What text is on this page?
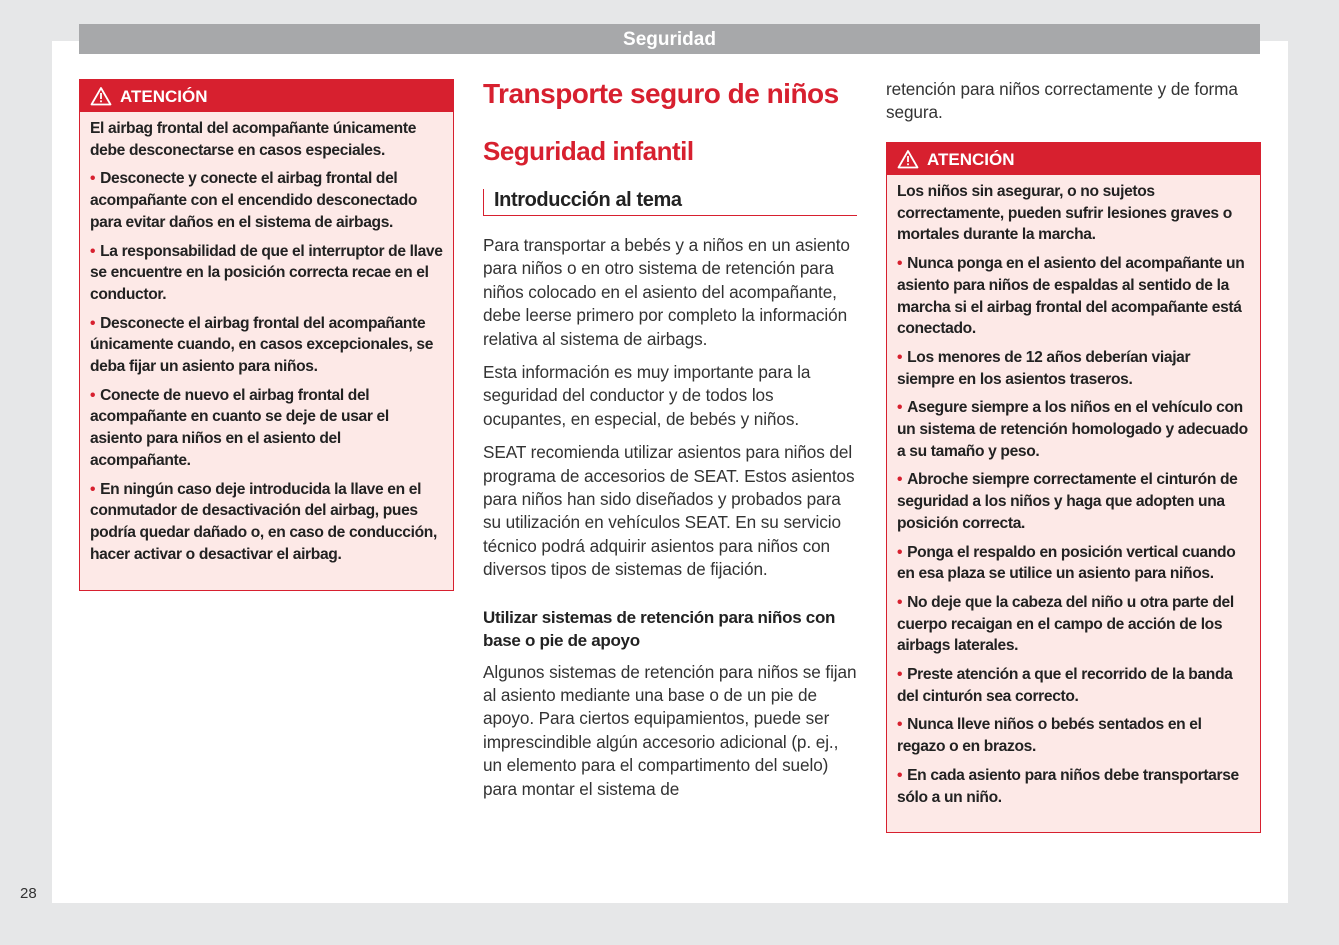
Seguridad
ATENCIÓN

El airbag frontal del acompañante únicamente debe desconectarse en casos especiales.

• Desconecte y conecte el airbag frontal del acompañante con el encendido desconectado para evitar daños en el sistema de airbags.

• La responsabilidad de que el interruptor de llave se encuentre en la posición correcta recae en el conductor.

• Desconecte el airbag frontal del acompañante únicamente cuando, en casos excepcionales, se deba fijar un asiento para niños.

• Conecte de nuevo el airbag frontal del acompañante en cuanto se deje de usar el asiento para niños en el asiento del acompañante.

• En ningún caso deje introducida la llave en el conmutador de desactivación del airbag, pues podría quedar dañado o, en caso de conducción, hacer activar o desactivar el airbag.

Transporte seguro de niños
Seguridad infantil
Introducción al tema

Para transportar a bebés y a niños en un asiento para niños o en otro sistema de retención para niños colocado en el asiento del acompañante, debe leerse primero por completo la información relativa al sistema de airbags.

Esta información es muy importante para la seguridad del conductor y de todos los ocupantes, en especial, de bebés y niños.

SEAT recomienda utilizar asientos para niños del programa de accesorios de SEAT. Estos asientos para niños han sido diseñados y probados para su utilización en vehículos SEAT. En su servicio técnico podrá adquirir asientos para niños con diversos tipos de sistemas de fijación.

Utilizar sistemas de retención para niños con base o pie de apoyo

Algunos sistemas de retención para niños se fijan al asiento mediante una base o de un pie de apoyo. Para ciertos equipamientos, puede ser imprescindible algún accesorio adicional (p. ej., un elemento para el compartimento del suelo) para montar el sistema de

retención para niños correctamente y de forma segura.
ATENCIÓN

Los niños sin asegurar, o no sujetos correctamente, pueden sufrir lesiones graves o mortales durante la marcha.

• Nunca ponga en el asiento del acompañante un asiento para niños de espaldas al sentido de la marcha si el airbag frontal del acompañante está conectado.

• Los menores de 12 años deberían viajar siempre en los asientos traseros.

• Asegure siempre a los niños en el vehículo con un sistema de retención homologado y adecuado a su tamaño y peso.

• Abroche siempre correctamente el cinturón de seguridad a los niños y haga que adopten una posición correcta.

• Ponga el respaldo en posición vertical cuando en esa plaza se utilice un asiento para niños.

• No deje que la cabeza del niño u otra parte del cuerpo recaigan en el campo de acción de los airbags laterales.

• Preste atención a que el recorrido de la banda del cinturón sea correcto.

• Nunca lleve niños o bebés sentados en el regazo o en brazos.

• En cada asiento para niños debe transportarse sólo a un niño.

28
